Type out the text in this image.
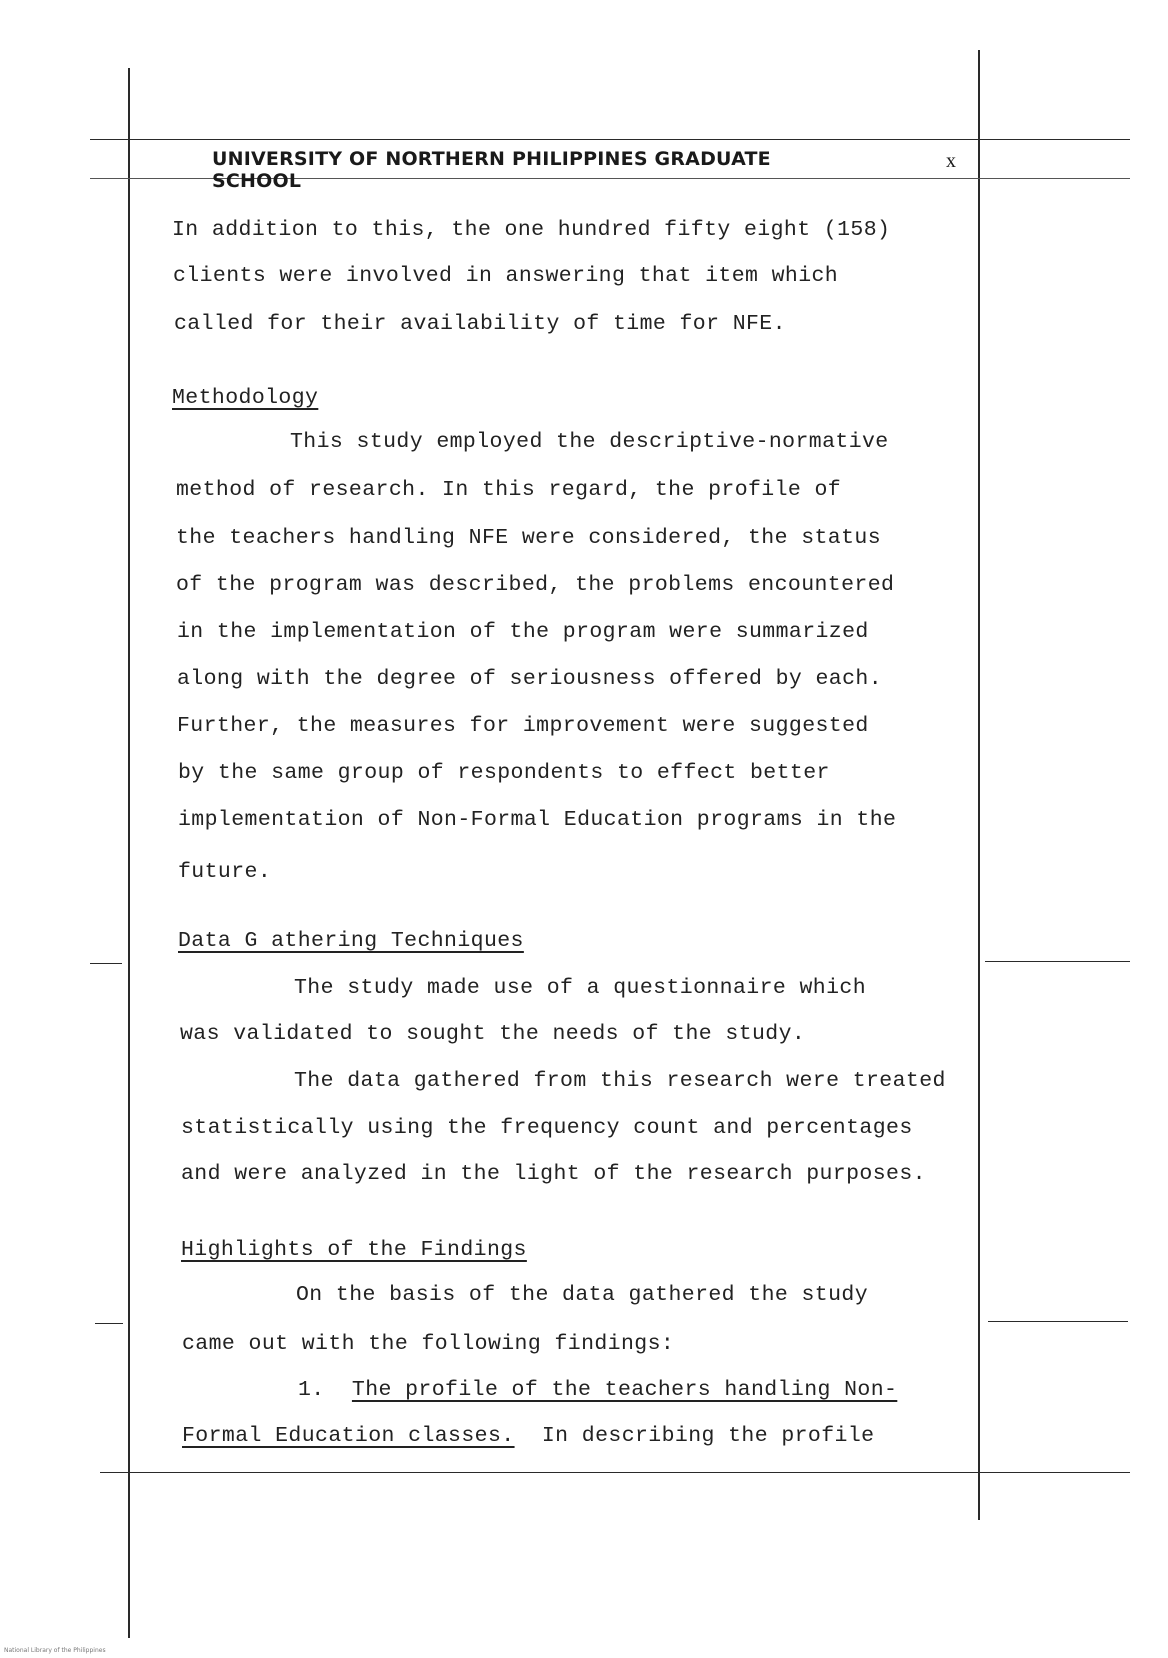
UNIVERSITY OF NORTHERN PHILIPPINES GRADUATE SCHOOL
x
In addition to this, the one hundred fifty eight (158)
clients were involved in answering that item which
called for their availability of time for NFE.
Methodology
This study employed the descriptive-normative
method of research. In this regard, the profile of
the teachers handling NFE were considered, the status
of the program was described, the problems encountered
in the implementation of the program were summarized
along with the degree of seriousness offered by each.
Further, the measures for improvement were suggested
by the same group of respondents to effect better
implementation of Non-Formal Education programs in the
future.
Data G athering Techniques
The study made use of a questionnaire which
was validated to sought the needs of the study.
The data gathered from this research were treated
statistically using the frequency count and percentages
and were analyzed in the light of the research purposes.
Highlights of the Findings
On the basis of the data gathered the study
came out with the following findings:
1. The profile of the teachers handling Non-
Formal Education classes. In describing the profile
National Library of the Philippines
